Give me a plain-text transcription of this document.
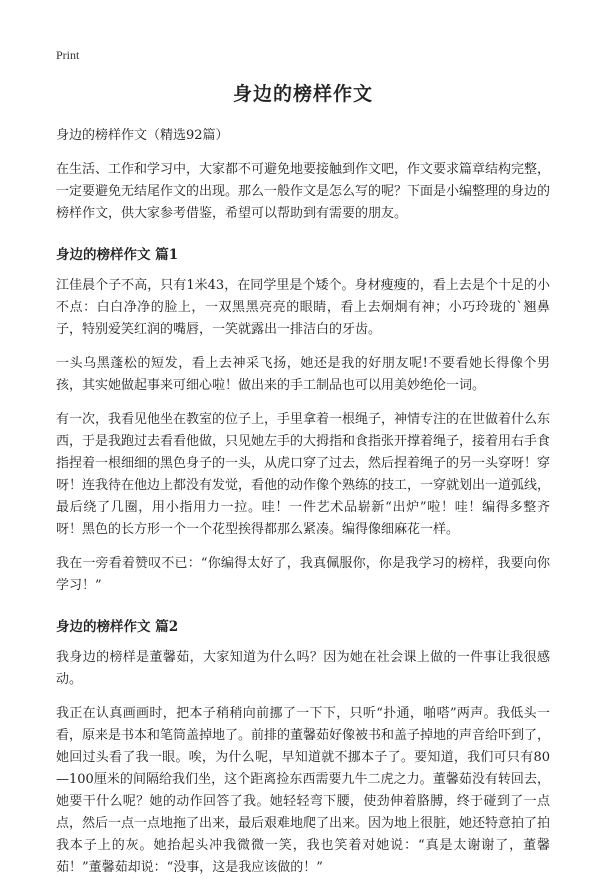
Print
身边的榜样作文

身边的榜样作文（精选92篇）

在生活、工作和学习中，大家都不可避免地要接触到作文吧，作文要求篇章结构完整，一定要避免无结尾作文的出现。那么一般作文是怎么写的呢？下面是小编整理的身边的榜样作文，供大家参考借鉴，希望可以帮助到有需要的朋友。

身边的榜样作文 篇1

江佳晨个子不高，只有1米43，在同学里是个矮个。身材瘦瘦的，看上去是个十足的小不点：白白净净的脸上，一双黑黑亮亮的眼睛，看上去炯炯有神；小巧玲珑的`翘鼻子，特别爱笑红润的嘴唇，一笑就露出一排洁白的牙齿。

一头乌黑蓬松的短发，看上去神采飞扬，她还是我的好朋友呢!不要看她长得像个男孩，其实她做起事来可细心啦！做出来的手工制品也可以用美妙绝伦一词。

有一次，我看见他坐在教室的位子上，手里拿着一根绳子，神情专注的在世做着什么东西，于是我跑过去看看他做，只见她左手的大拇指和食指张开撑着绳子，接着用右手食指捏着一根细细的黑色身子的一头，从虎口穿了过去，然后捏着绳子的另一头穿呀！穿呀！连我待在他边上都没有发觉，看他的动作像个熟练的技工，一穿就划出一道弧线，最后绕了几圈，用小指用力一拉。哇！一件艺术品崭新“出炉”啦！哇！编得多整齐呀！黑色的长方形一个一个花型挨得都那么紧凑。编得像细麻花一样。

我在一旁看着赞叹不已：“你编得太好了，我真佩服你，你是我学习的榜样，我要向你学习！”

身边的榜样作文 篇2

我身边的榜样是董馨茹，大家知道为什么吗？因为她在社会课上做的一件事让我很感动。

我正在认真画画时，把本子稍稍向前挪了一下下，只听“扑通，啪嗒”两声。我低头一看，原来是书本和笔筒盖掉地了。前排的董馨茹好像被书和盖子掉地的声音给吓到了，她回过头看了我一眼。唉，为什么呢，早知道就不挪本子了。要知道，我们可只有80—100厘米的间隔给我们坐，这个距离捡东西需要九牛二虎之力。董馨茹没有转回去，她要干什么呢？她的动作回答了我。她轻轻弯下腰，使劲伸着胳膊，终于碰到了一点点，然后一点一点地拖了出来，最后艰难地爬了出来。因为地上很脏，她还特意拍了拍我本子上的灰。她抬起头冲我微微一笑，我也笑着对她说：“真是太谢谢了，董馨茹！”董馨茹却说：“没事，这是我应该做的！”
